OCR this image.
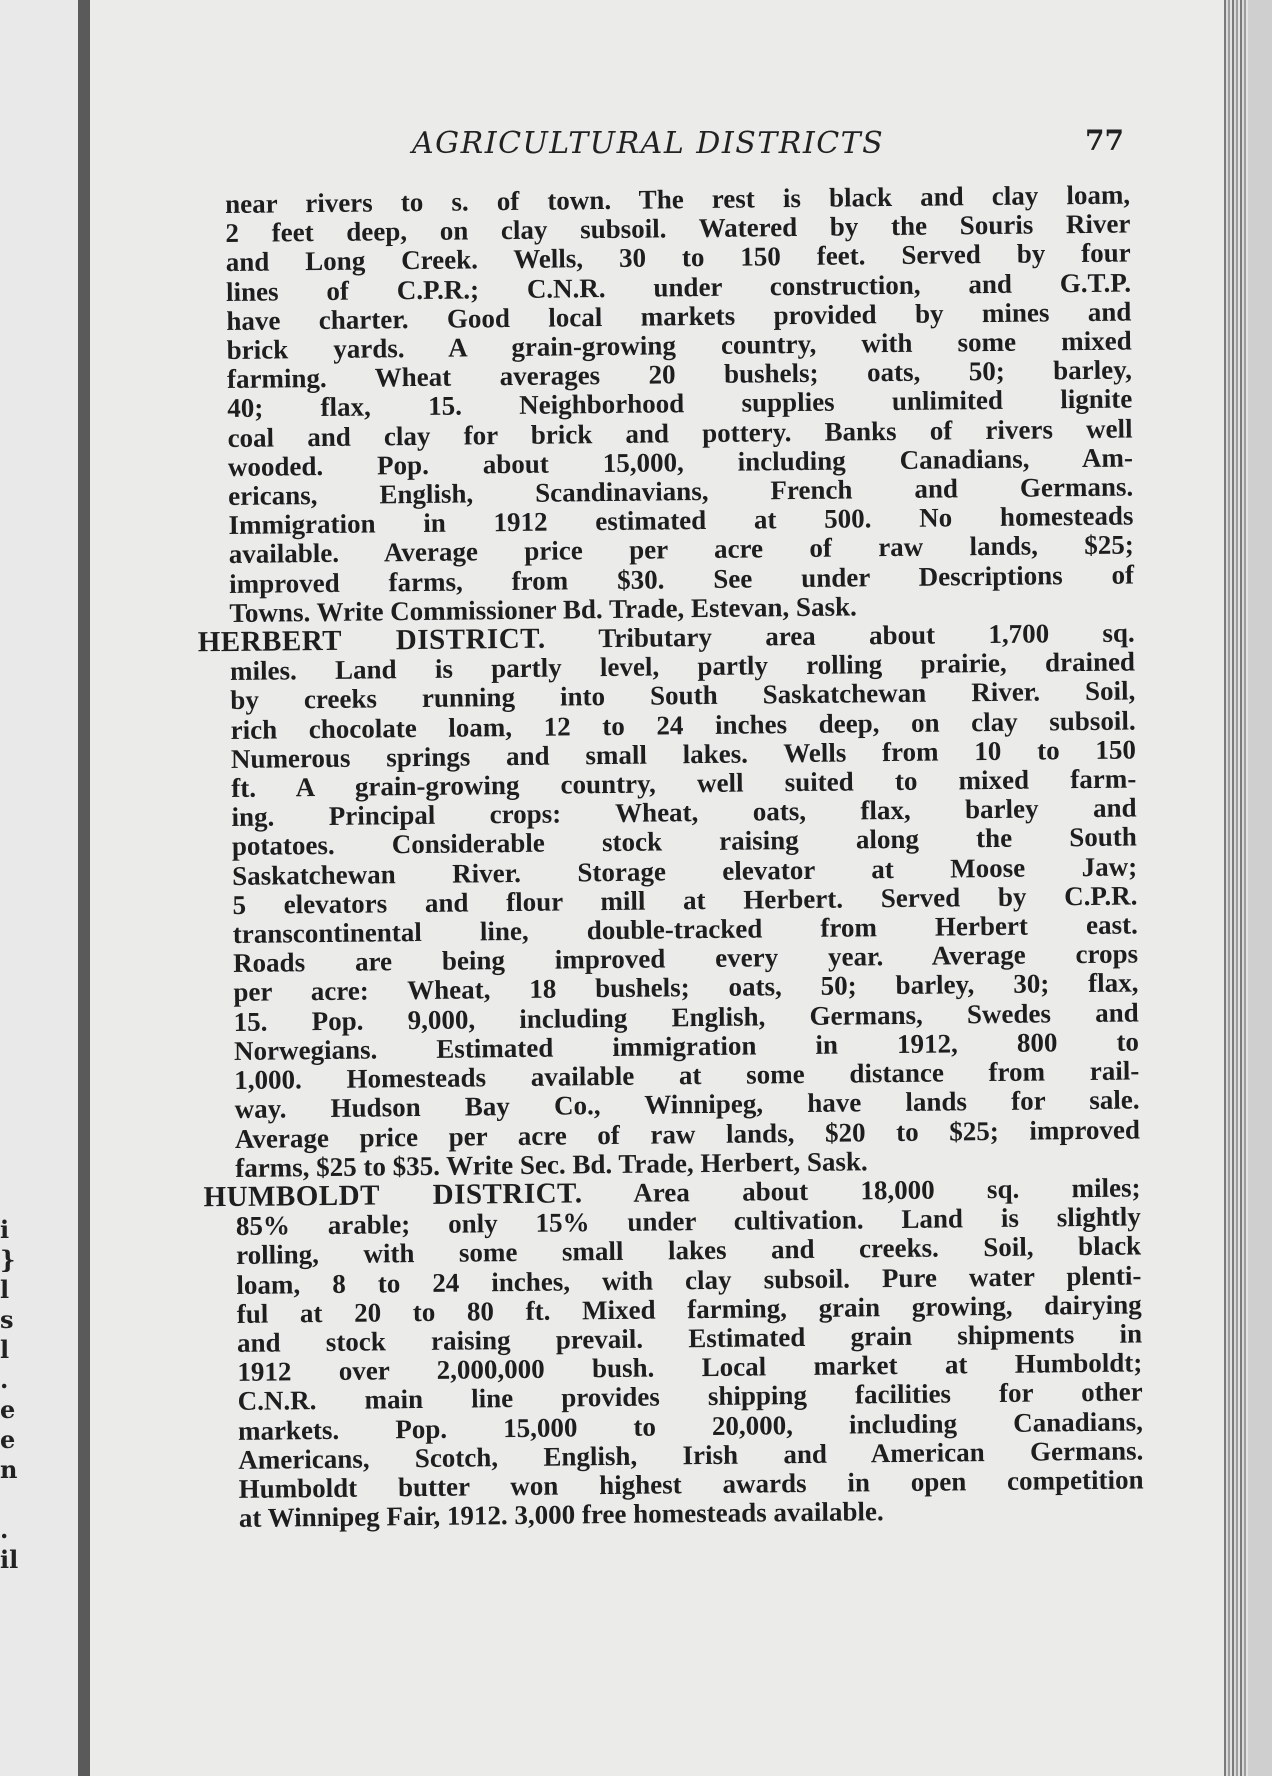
i
}
l
s
l
.
e
e
n

.
il
AGRICULTURAL DISTRICTS	77
near rivers to s. of town. The rest is black and clay loam,
2 feet deep, on clay subsoil. Watered by the Souris River
and Long Creek. Wells, 30 to 150 feet. Served by four
lines of C.P.R.; C.N.R. under construction, and G.T.P.
have charter. Good local markets provided by mines and
brick yards. A grain-growing country, with some mixed
farming. Wheat averages 20 bushels; oats, 50; barley,
40; flax, 15. Neighborhood supplies unlimited lignite
coal and clay for brick and pottery. Banks of rivers well
wooded. Pop. about 15,000, including Canadians, Am-
ericans, English, Scandinavians, French and Germans.
Immigration in 1912 estimated at 500. No homesteads
available. Average price per acre of raw lands, $25;
improved farms, from $30. See under Descriptions of
Towns. Write Commissioner Bd. Trade, Estevan, Sask.
HERBERT DISTRICT. Tributary area about 1,700 sq.
miles. Land is partly level, partly rolling prairie, drained
by creeks running into South Saskatchewan River. Soil,
rich chocolate loam, 12 to 24 inches deep, on clay subsoil.
Numerous springs and small lakes. Wells from 10 to 150
ft. A grain-growing country, well suited to mixed farm-
ing. Principal crops: Wheat, oats, flax, barley and
potatoes. Considerable stock raising along the South
Saskatchewan River. Storage elevator at Moose Jaw;
5 elevators and flour mill at Herbert. Served by C.P.R.
transcontinental line, double-tracked from Herbert east.
Roads are being improved every year. Average crops
per acre: Wheat, 18 bushels; oats, 50; barley, 30; flax,
15. Pop. 9,000, including English, Germans, Swedes and
Norwegians. Estimated immigration in 1912, 800 to
1,000. Homesteads available at some distance from rail-
way. Hudson Bay Co., Winnipeg, have lands for sale.
Average price per acre of raw lands, $20 to $25; improved
farms, $25 to $35. Write Sec. Bd. Trade, Herbert, Sask.
HUMBOLDT DISTRICT. Area about 18,000 sq. miles;
85% arable; only 15% under cultivation. Land is slightly
rolling, with some small lakes and creeks. Soil, black
loam, 8 to 24 inches, with clay subsoil. Pure water plenti-
ful at 20 to 80 ft. Mixed farming, grain growing, dairying
and stock raising prevail. Estimated grain shipments in
1912 over 2,000,000 bush. Local market at Humboldt;
C.N.R. main line provides shipping facilities for other
markets. Pop. 15,000 to 20,000, including Canadians,
Americans, Scotch, English, Irish and American Germans.
Humboldt butter won highest awards in open competition
at Winnipeg Fair, 1912. 3,000 free homesteads available.
